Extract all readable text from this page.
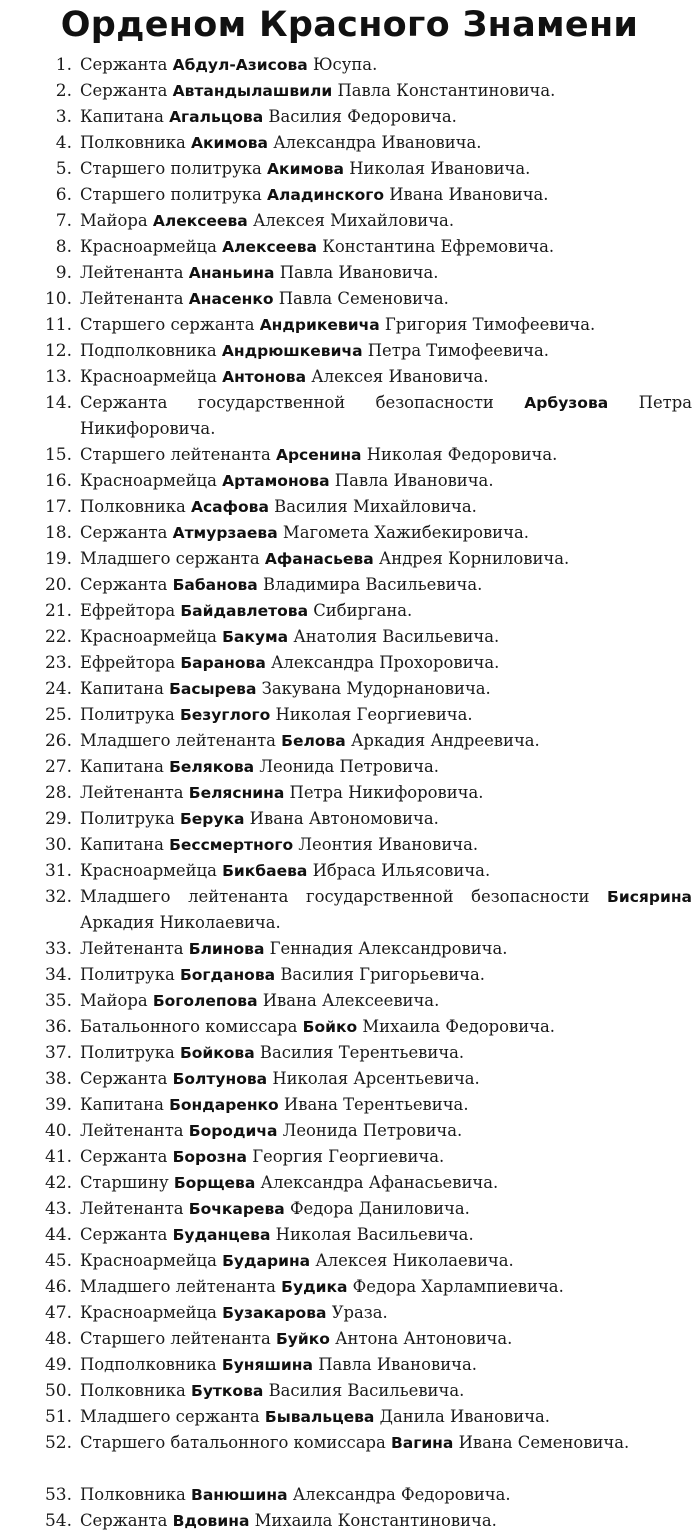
Орденом Красного Знамени
1. Сержанта Абдул-Азисова Юсупа.
2. Сержанта Автандылашвили Павла Константиновича.
3. Капитана Агальцова Василия Федоровича.
4. Полковника Акимова Александра Ивановича.
5. Старшего политрука Акимова Николая Ивановича.
6. Старшего политрука Аладинского Ивана Ивановича.
7. Майора Алексеева Алексея Михайловича.
8. Красноармейца Алексеева Константина Ефремовича.
9. Лейтенанта Ананьина Павла Ивановича.
10. Лейтенанта Анасенко Павла Семеновича.
11. Старшего сержанта Андрикевича Григория Тимофеевича.
12. Подполковника Андрюшкевича Петра Тимофеевича.
13. Красноармейца Антонова Алексея Ивановича.
14. Сержанта государственной безопасности Арбузова Петра Никифоровича.
15. Старшего лейтенанта Арсенина Николая Федоровича.
16. Красноармейца Артамонова Павла Ивановича.
17. Полковника Асафова Василия Михайловича.
18. Сержанта Атмурзаева Магомета Хажибекировича.
19. Младшего сержанта Афанасьева Андрея Корниловича.
20. Сержанта Бабанова Владимира Васильевича.
21. Ефрейтора Байдавлетова Сибиргана.
22. Красноармейца Бакума Анатолия Васильевича.
23. Ефрейтора Баранова Александра Прохоровича.
24. Капитана Басырева Закувана Мудорнановича.
25. Политрука Безуглого Николая Георгиевича.
26. Младшего лейтенанта Белова Аркадия Андреевича.
27. Капитана Белякова Леонида Петровича.
28. Лейтенанта Беляснина Петра Никифоровича.
29. Политрука Берука Ивана Автономовича.
30. Капитана Бессмертного Леонтия Ивановича.
31. Красноармейца Бикбаева Ибраса Ильясовича.
32. Младшего лейтенанта государственной безопасности Бисярина Аркадия Николаевича.
33. Лейтенанта Блинова Геннадия Александровича.
34. Политрука Богданова Василия Григорьевича.
35. Майора Боголепова Ивана Алексеевича.
36. Батальонного комиссара Бойко Михаила Федоровича.
37. Политрука Бойкова Василия Терентьевича.
38. Сержанта Болтунова Николая Арсентьевича.
39. Капитана Бондаренко Ивана Терентьевича.
40. Лейтенанта Бородича Леонида Петровича.
41. Сержанта Борозна Георгия Георгиевича.
42. Старшину Борщева Александра Афанасьевича.
43. Лейтенанта Бочкарева Федора Даниловича.
44. Сержанта Буданцева Николая Васильевича.
45. Красноармейца Бударина Алексея Николаевича.
46. Младшего лейтенанта Будика Федора Харлампиевича.
47. Красноармейца Бузакарова Ураза.
48. Старшего лейтенанта Буйко Антона Антоновича.
49. Подполковника Буняшина Павла Ивановича.
50. Полковника Буткова Василия Васильевича.
51. Младшего сержанта Бывальцева Данила Ивановича.
52. Старшего батальонного комиссара Вагина Ивана Семеновича.
53. Полковника Ванюшина Александра Федоровича.
54. Сержанта Вдовина Михаила Константиновича.
